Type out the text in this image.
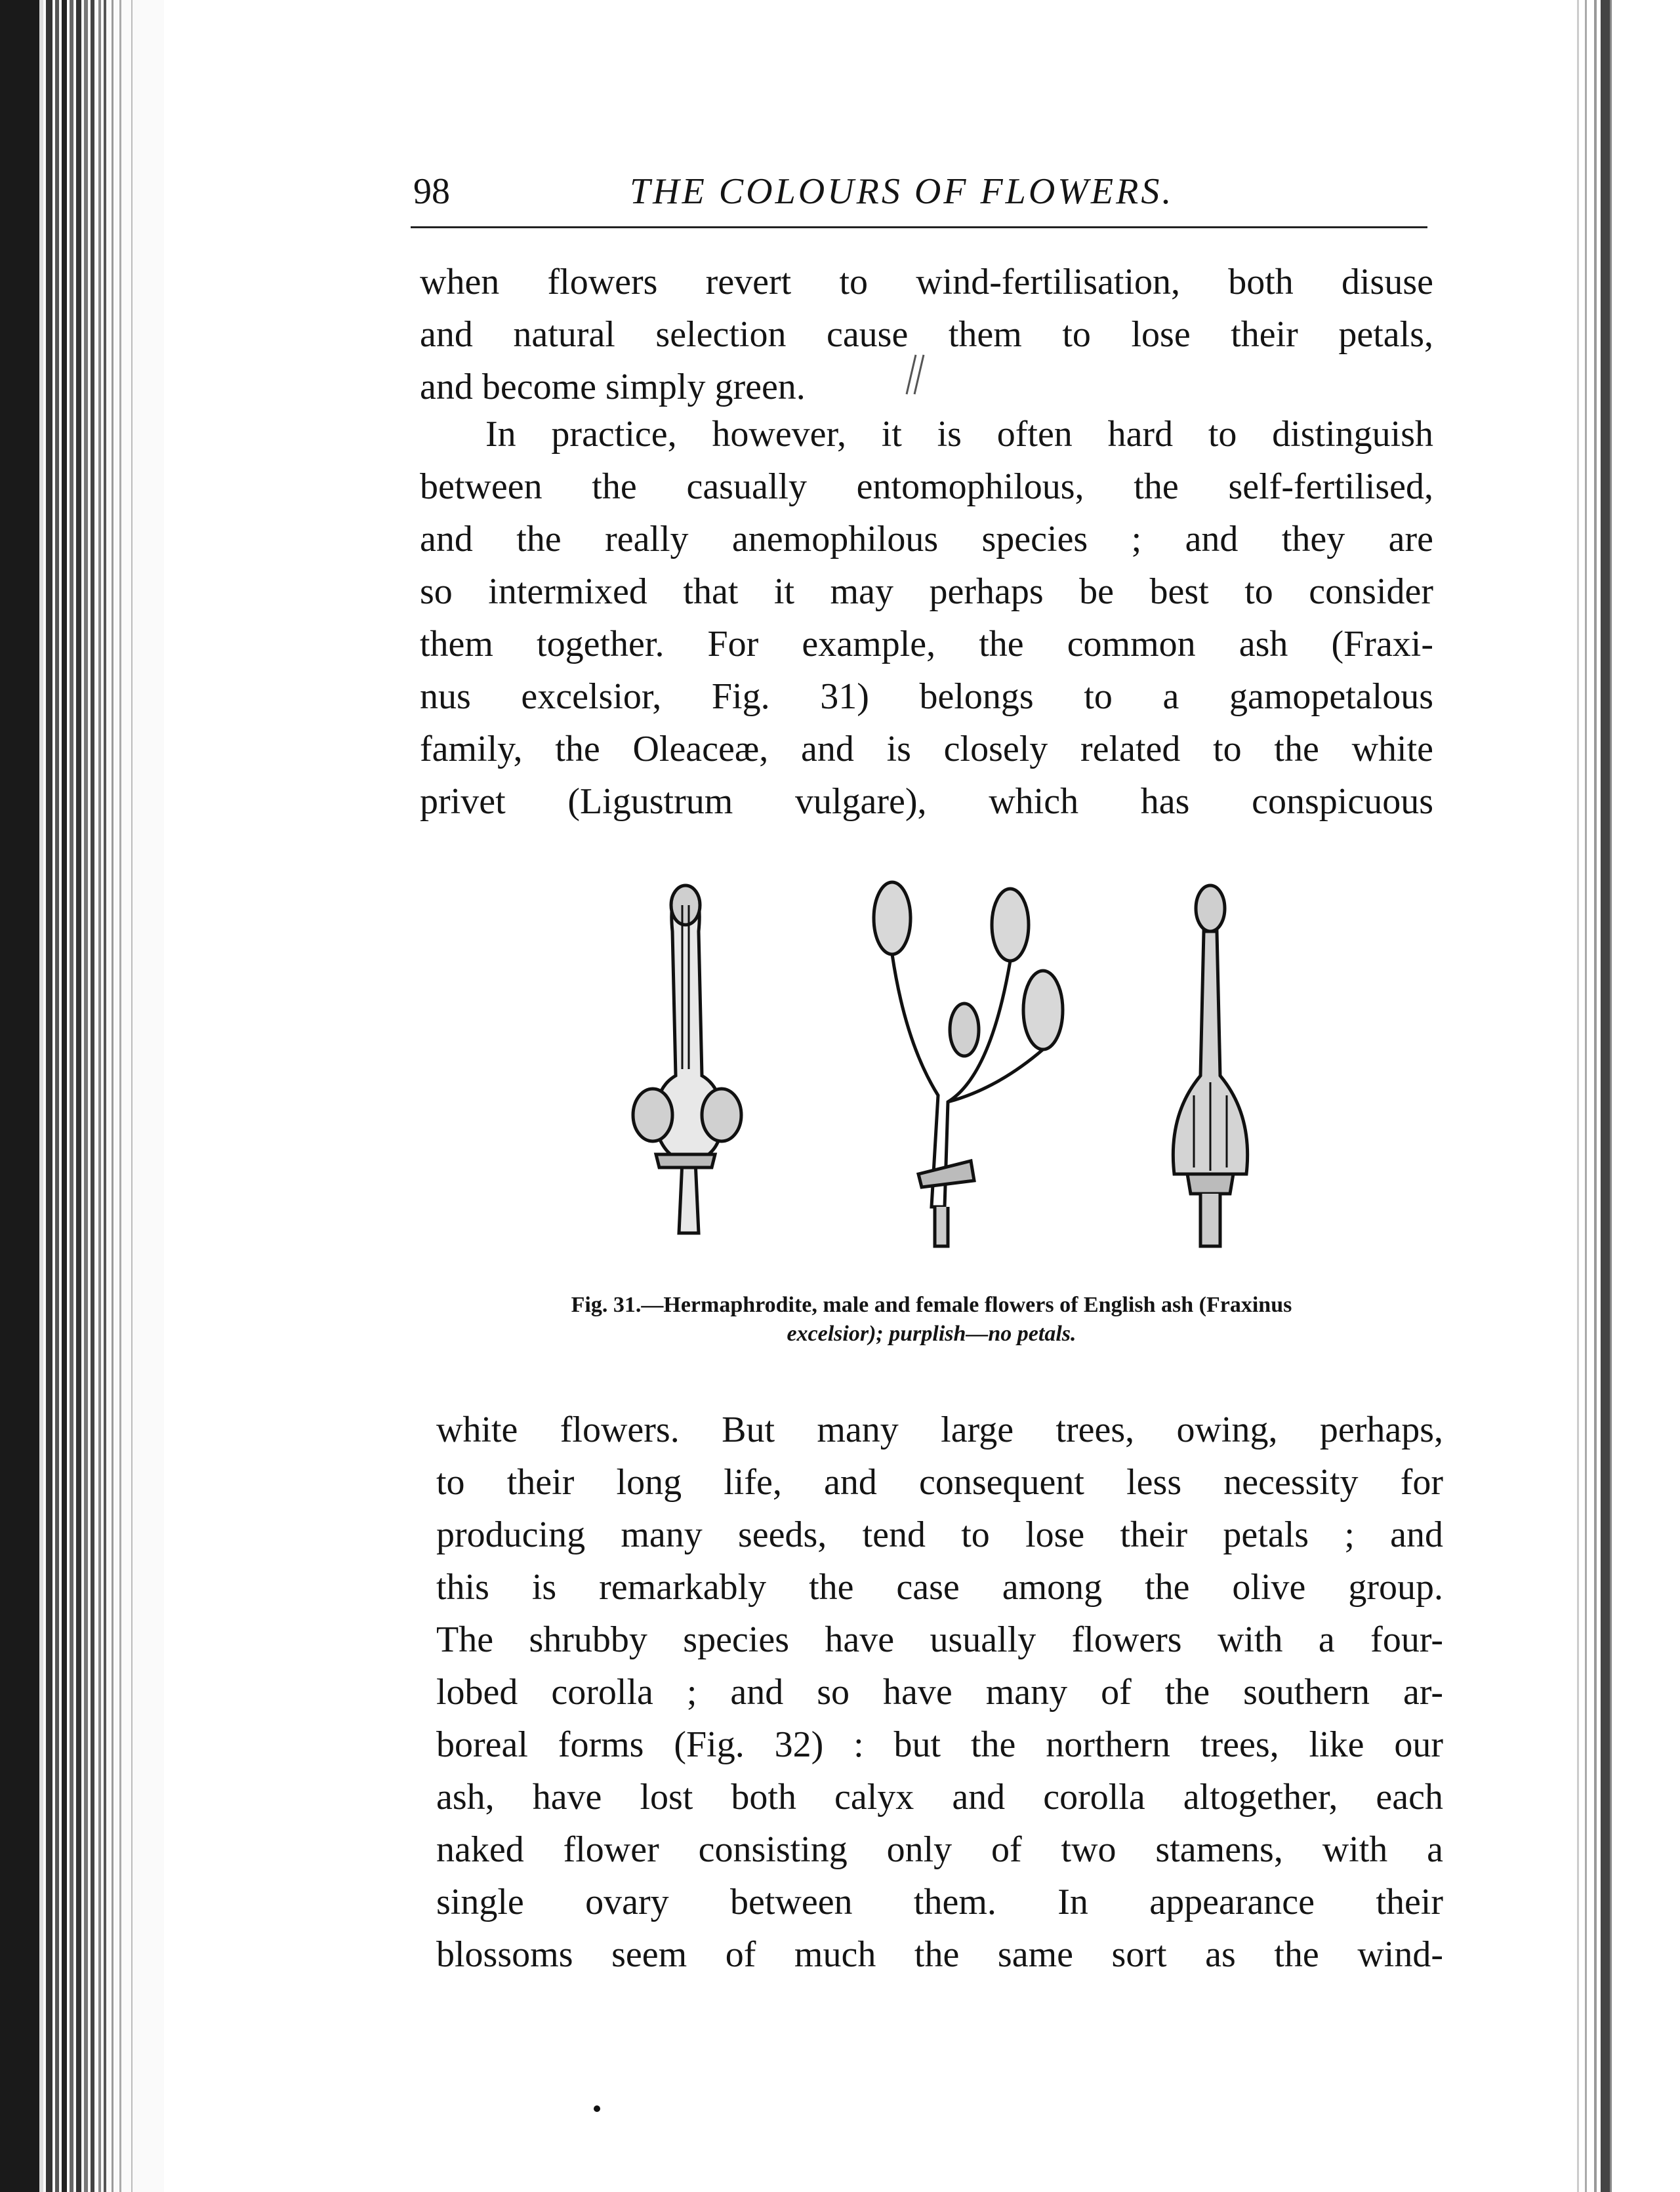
98	THE COLOURS OF FLOWERS.
when flowers revert to wind-fertilisation, both disuse
and natural selection cause them to lose their petals,
and become simply green.
In practice, however, it is often hard to distinguish
between the casually entomophilous, the self-fertilised,
and the really anemophilous species ; and they are
so intermixed that it may perhaps be best to consider
them together. For example, the common ash (Fraxi-
nus excelsior, Fig. 31) belongs to a gamopetalous
family, the Oleaceæ, and is closely related to the white
privet (Ligustrum vulgare), which has conspicuous
Fig. 31.—Hermaphrodite, male and female flowers of English ash (Fraxinus
excelsior); purplish—no petals.
white flowers. But many large trees, owing, perhaps,
to their long life, and consequent less necessity for
producing many seeds, tend to lose their petals ; and
this is remarkably the case among the olive group.
The shrubby species have usually flowers with a four-
lobed corolla ; and so have many of the southern ar-
boreal forms (Fig. 32) : but the northern trees, like our
ash, have lost both calyx and corolla altogether, each
naked flower consisting only of two stamens, with a
single ovary between them. In appearance their
blossoms seem of much the same sort as the wind-
